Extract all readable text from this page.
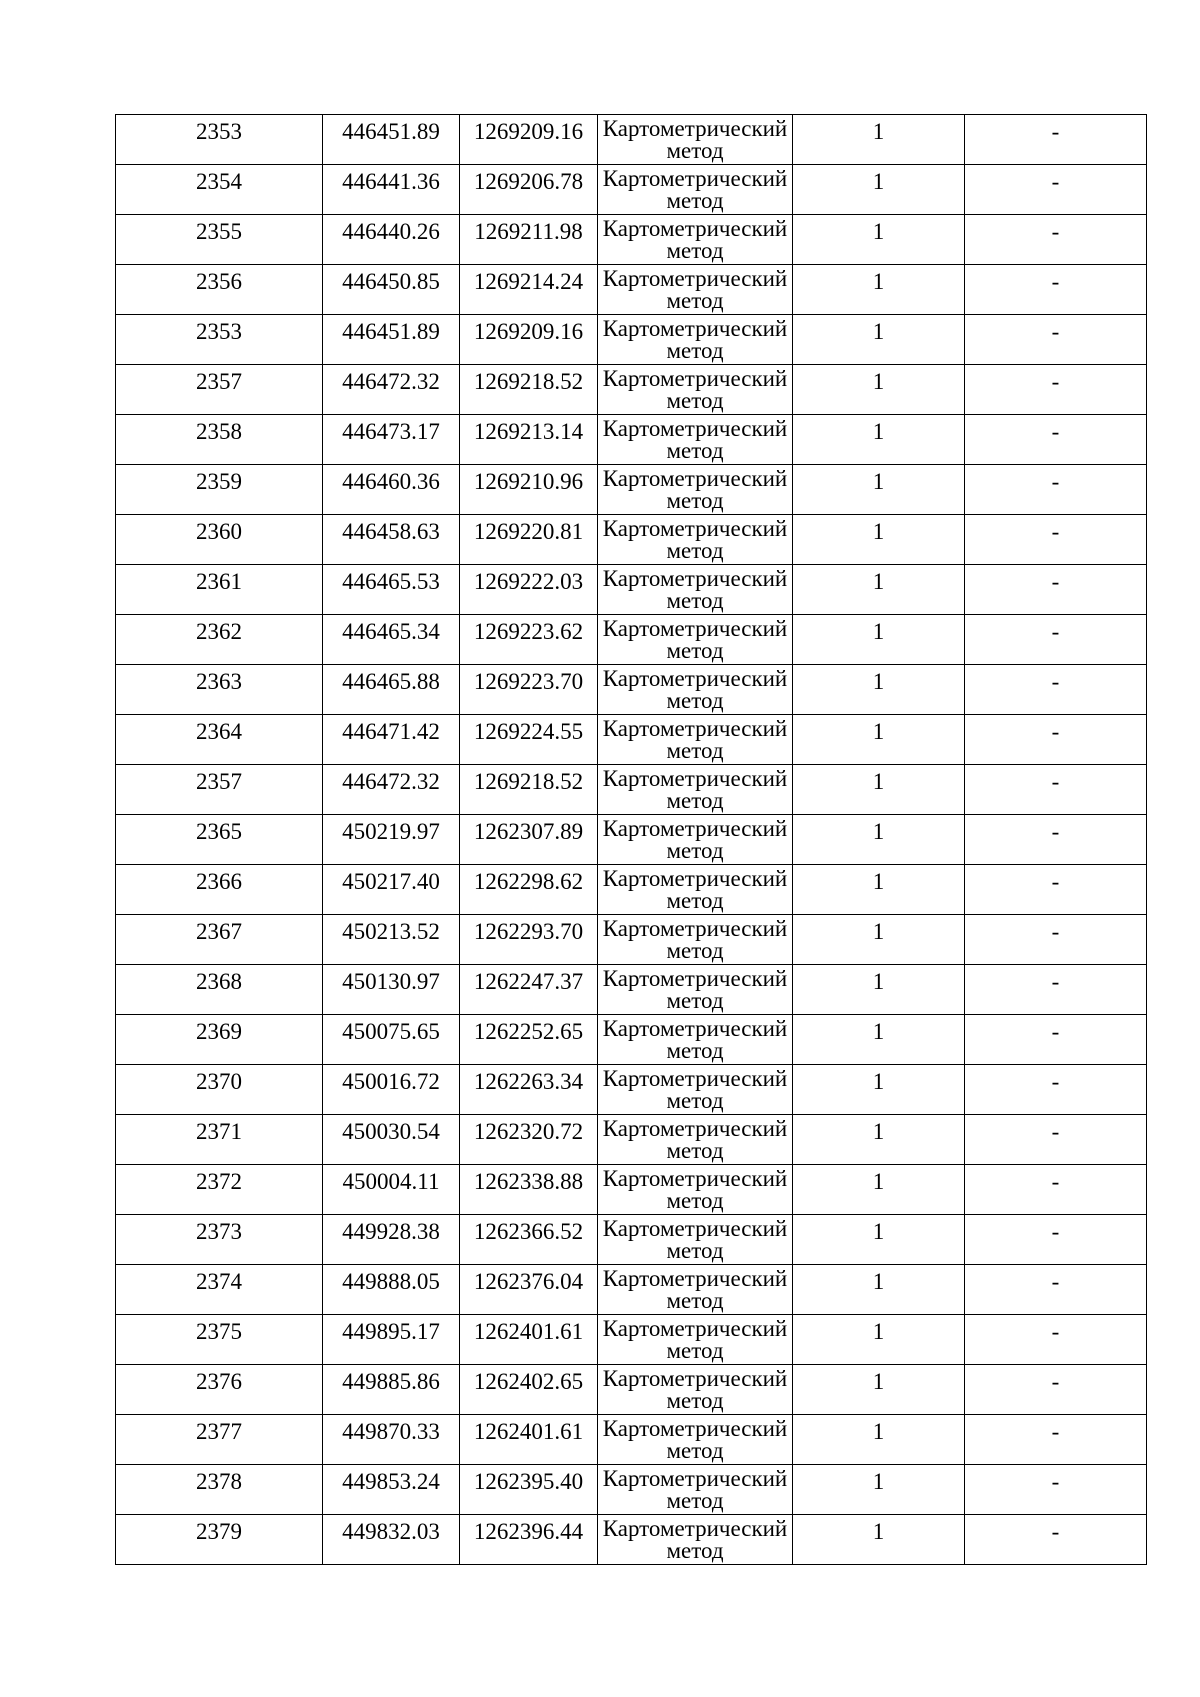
2353	446451.89	1269209.16	Картометрический
метод	1	-

2354	446441.36	1269206.78	Картометрический
метод	1	-

2355	446440.26	1269211.98	Картометрический
метод	1	-

2356	446450.85	1269214.24	Картометрический
метод	1	-

2353	446451.89	1269209.16	Картометрический
метод	1	-

2357	446472.32	1269218.52	Картометрический
метод	1	-

2358	446473.17	1269213.14	Картометрический
метод	1	-

2359	446460.36	1269210.96	Картометрический
метод	1	-

2360	446458.63	1269220.81	Картометрический
метод	1	-

2361	446465.53	1269222.03	Картометрический
метод	1	-

2362	446465.34	1269223.62	Картометрический
метод	1	-

2363	446465.88	1269223.70	Картометрический
метод	1	-

2364	446471.42	1269224.55	Картометрический
метод	1	-

2357	446472.32	1269218.52	Картометрический
метод	1	-

2365	450219.97	1262307.89	Картометрический
метод	1	-

2366	450217.40	1262298.62	Картометрический
метод	1	-

2367	450213.52	1262293.70	Картометрический
метод	1	-

2368	450130.97	1262247.37	Картометрический
метод	1	-

2369	450075.65	1262252.65	Картометрический
метод	1	-

2370	450016.72	1262263.34	Картометрический
метод	1	-

2371	450030.54	1262320.72	Картометрический
метод	1	-

2372	450004.11	1262338.88	Картометрический
метод	1	-

2373	449928.38	1262366.52	Картометрический
метод	1	-

2374	449888.05	1262376.04	Картометрический
метод	1	-

2375	449895.17	1262401.61	Картометрический
метод	1	-

2376	449885.86	1262402.65	Картометрический
метод	1	-

2377	449870.33	1262401.61	Картометрический
метод	1	-

2378	449853.24	1262395.40	Картометрический
метод	1	-

2379	449832.03	1262396.44	Картометрический
метод	1	-
